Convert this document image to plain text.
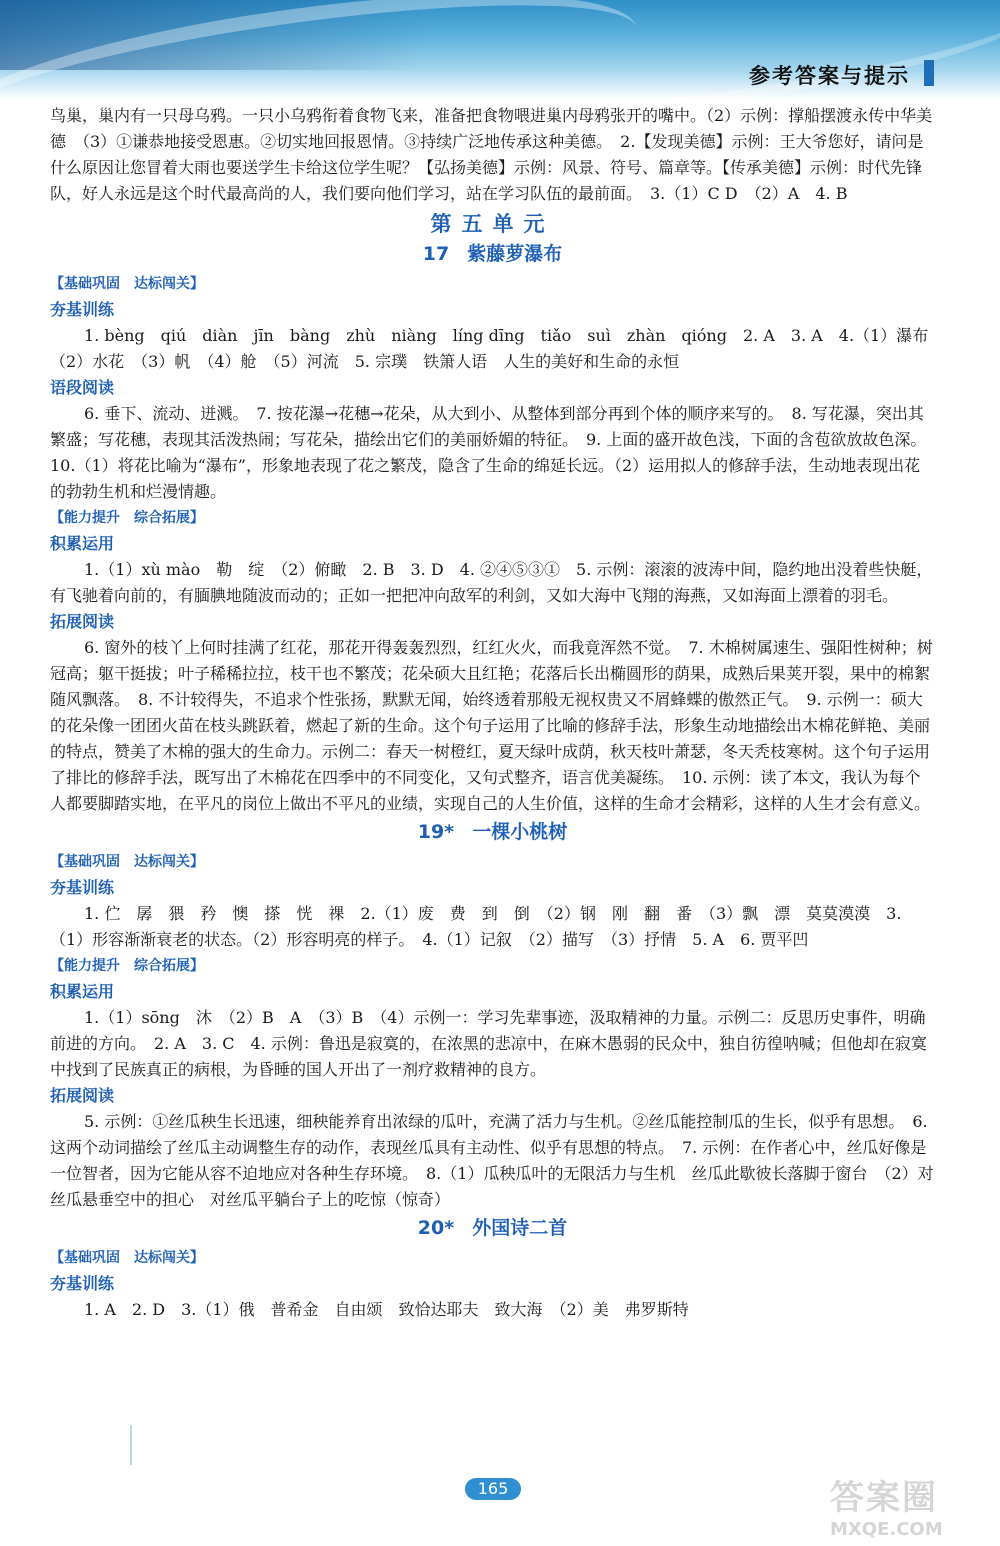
参考答案与提示

鸟巢，巢内有一只母乌鸦。一只小乌鸦衔着食物飞来，准备把食物喂进巢内母鸦张开的嘴中。（2）示例：撑船摆渡永传中华美德　（3）①谦恭地接受恩惠。②切实地回报恩情。③持续广泛地传承这种美德。　2.【发现美德】示例：王大爷您好，请问是什么原因让您冒着大雨也要送学生卡给这位学生呢？【弘扬美德】示例：风景、符号、篇章等。【传承美德】示例：时代先锋队，好人永远是这个时代最高尚的人，我们要向他们学习，站在学习队伍的最前面。　3.（1）C D　（2）A　4. B

第五单元
17 紫藤萝瀑布

【基础巩固　达标闯关】

夯基训练

1. bèng　qiú　diàn　jīn　bàng　zhù　niàng　líng dīng　tiǎo　suì　zhàn　qióng　2. A　3. A　4.（1）瀑布　（2）水花　（3）帆　（4）舱　（5）河流　5. 宗璞　铁箫人语　人生的美好和生命的永恒

语段阅读

6. 垂下、流动、迸溅。　7. 按花瀑→花穗→花朵，从大到小、从整体到部分再到个体的顺序来写的。　8. 写花瀑，突出其繁盛；写花穗，表现其活泼热闹；写花朵，描绘出它们的美丽娇媚的特征。　9. 上面的盛开故色浅，下面的含苞欲放故色深。　10.（1）将花比喻为“瀑布”，形象地表现了花之繁茂，隐含了生命的绵延长远。（2）运用拟人的修辞手法，生动地表现出花的勃勃生机和烂漫情趣。

【能力提升　综合拓展】

积累运用

1.（1）xù mào　勒　绽　（2）俯瞰　2. B　3. D　4. ②④⑤③①　5. 示例：滚滚的波涛中间，隐约地出没着些快艇，有飞驰着向前的，有腼腆地随波而动的；正如一把把冲向敌军的利剑，又如大海中飞翔的海燕，又如海面上漂着的羽毛。

拓展阅读

6. 窗外的枝丫上何时挂满了红花，那花开得轰轰烈烈，红红火火，而我竟浑然不觉。　7. 木棉树属速生、强阳性树种；树冠高；躯干挺拔；叶子稀稀拉拉，枝干也不繁茂；花朵硕大且红艳；花落后长出椭圆形的荫果，成熟后果荚开裂，果中的棉絮随风飘落。　8. 不计较得失，不追求个性张扬，默默无闻，始终透着那般无视权贵又不屑蜂蝶的傲然正气。　9. 示例一：硕大的花朵像一团团火苗在枝头跳跃着，燃起了新的生命。这个句子运用了比喻的修辞手法，形象生动地描绘出木棉花鲜艳、美丽的特点，赞美了木棉的强大的生命力。示例二：春天一树橙红，夏天绿叶成荫，秋天枝叶萧瑟，冬天秃枝寒树。这个句子运用了排比的修辞手法，既写出了木棉花在四季中的不同变化，又句式整齐，语言优美凝练。　10. 示例：读了本文，我认为每个人都要脚踏实地，在平凡的岗位上做出不平凡的业绩，实现自己的人生价值，这样的生命才会精彩，这样的人生才会有意义。

19* 一棵小桃树

【基础巩固　达标闯关】

夯基训练

1. 伫　孱　猥　矜　懊　搽　恍　祼　2.（1）废　费　到　倒　（2）钢　刚　翻　番　（3）飘　漂　莫莫漠漠　3.（1）形容渐渐衰老的状态。（2）形容明亮的样子。　4.（1）记叙　（2）描写　（3）抒情　5. A　6. 贾平凹

【能力提升　综合拓展】

积累运用

1.（1）sōng　沐　（2）B　A　（3）B　（4）示例一：学习先辈事迹，汲取精神的力量。示例二：反思历史事件，明确前进的方向。　2. A　3. C　4. 示例：鲁迅是寂寞的，在浓黑的悲凉中，在麻木愚弱的民众中，独自彷徨呐喊；但他却在寂寞中找到了民族真正的病根，为昏睡的国人开出了一剂疗救精神的良方。

拓展阅读

5. 示例：①丝瓜秧生长迅速，细秧能养育出浓绿的瓜叶，充满了活力与生机。②丝瓜能控制瓜的生长，似乎有思想。　6. 这两个动词描绘了丝瓜主动调整生存的动作，表现丝瓜具有主动性、似乎有思想的特点。　7. 示例：在作者心中，丝瓜好像是一位智者，因为它能从容不迫地应对各种生存环境。　8.（1）瓜秧瓜叶的无限活力与生机　丝瓜此歇彼长落脚于窗台　（2）对丝瓜悬垂空中的担心　对丝瓜平躺台子上的吃惊（惊奇）

20* 外国诗二首

【基础巩固　达标闯关】

夯基训练

1. A　2. D　3.（1）俄　普希金　自由颂　致恰达耶夫　致大海　（2）美　弗罗斯特

165	答案圈
MXQE.COM
